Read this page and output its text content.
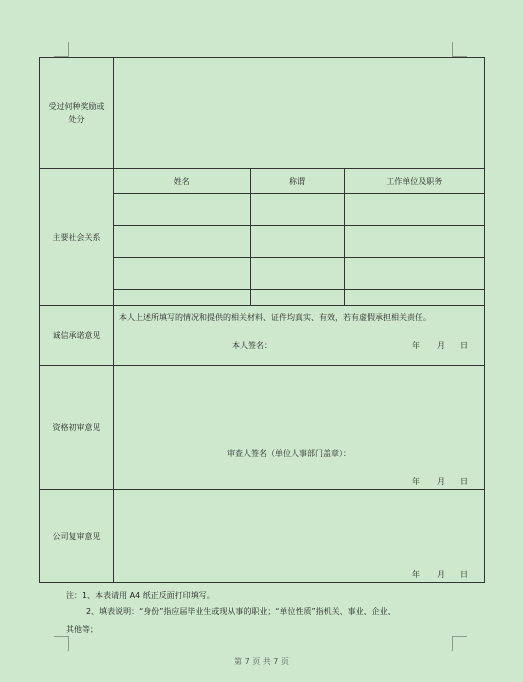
受过何种奖励或处分
主要社会关系
姓名	称谓	工作单位及职务

诚信承诺意见
本人上述所填写的情况和提供的相关材料、证件均真实、有效，若有虚假承担相关责任。
本人签名：	年 月 日
资格初审意见
审查人签名（单位人事部门盖章）：
年 月 日
公司复审意见
年 月 日
注：1、本表请用 A4 纸正反面打印填写。
2、填表说明：“身份”指应届毕业生或现从事的职业；“单位性质”指机关、事业、企业、
其他等；
第 7 页 共 7 页
